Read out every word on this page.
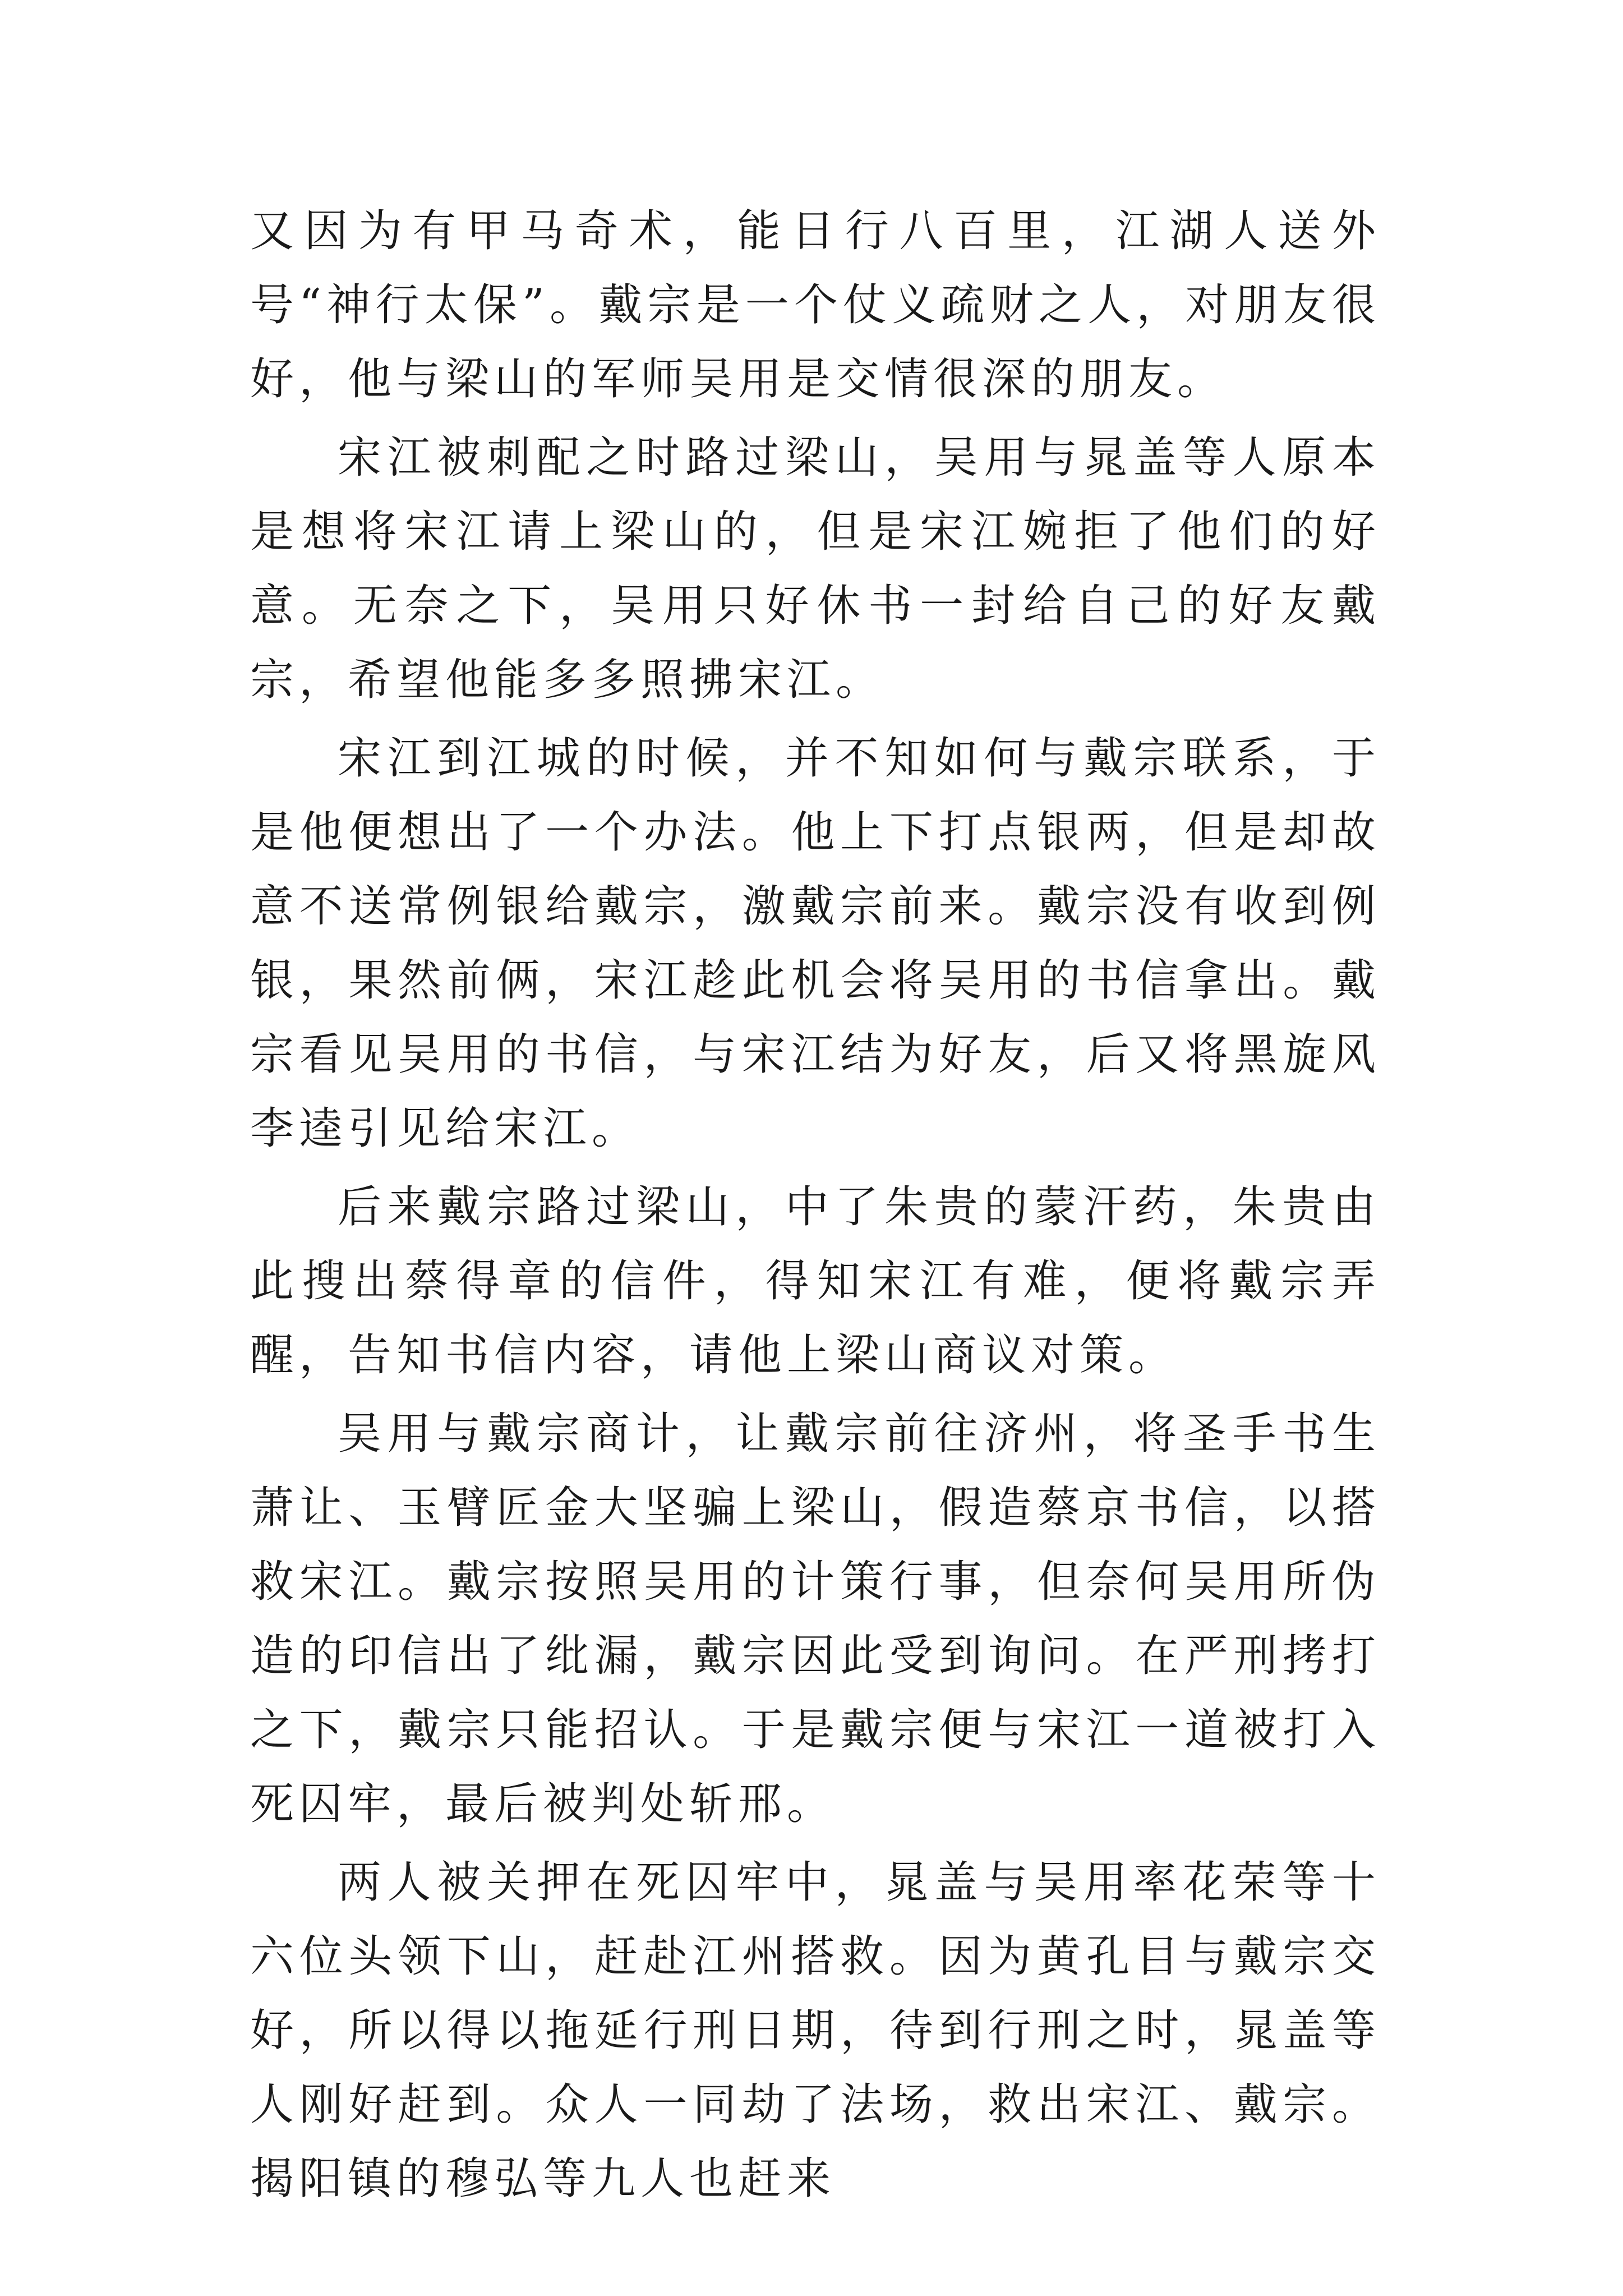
又因为有甲马奇术，能日行八百里，江湖人送外号“神行太保”。戴宗是一个仗义疏财之人，对朋友很好，他与梁山的军师吴用是交情很深的朋友。

宋江被刺配之时路过梁山，吴用与晁盖等人原本是想将宋江请上梁山的，但是宋江婉拒了他们的好意。无奈之下，吴用只好休书一封给自己的好友戴宗，希望他能多多照拂宋江。

宋江到江城的时候，并不知如何与戴宗联系，于是他便想出了一个办法。他上下打点银两，但是却故意不送常例银给戴宗，激戴宗前来。戴宗没有收到例银，果然前俩，宋江趁此机会将吴用的书信拿出。戴宗看见吴用的书信，与宋江结为好友，后又将黑旋风李逵引见给宋江。

后来戴宗路过梁山，中了朱贵的蒙汗药，朱贵由此搜出蔡得章的信件，得知宋江有难，便将戴宗弄醒，告知书信内容，请他上梁山商议对策。

吴用与戴宗商计，让戴宗前往济州，将圣手书生萧让、玉臂匠金大坚骗上梁山，假造蔡京书信，以搭救宋江。戴宗按照吴用的计策行事，但奈何吴用所伪造的印信出了纰漏，戴宗因此受到询问。在严刑拷打之下，戴宗只能招认。于是戴宗便与宋江一道被打入死囚牢，最后被判处斩邢。

两人被关押在死囚牢中，晁盖与吴用率花荣等十六位头领下山，赶赴江州搭救。因为黄孔目与戴宗交好，所以得以拖延行刑日期，待到行刑之时，晁盖等人刚好赶到。众人一同劫了法场，救出宋江、戴宗。揭阳镇的穆弘等九人也赶来
